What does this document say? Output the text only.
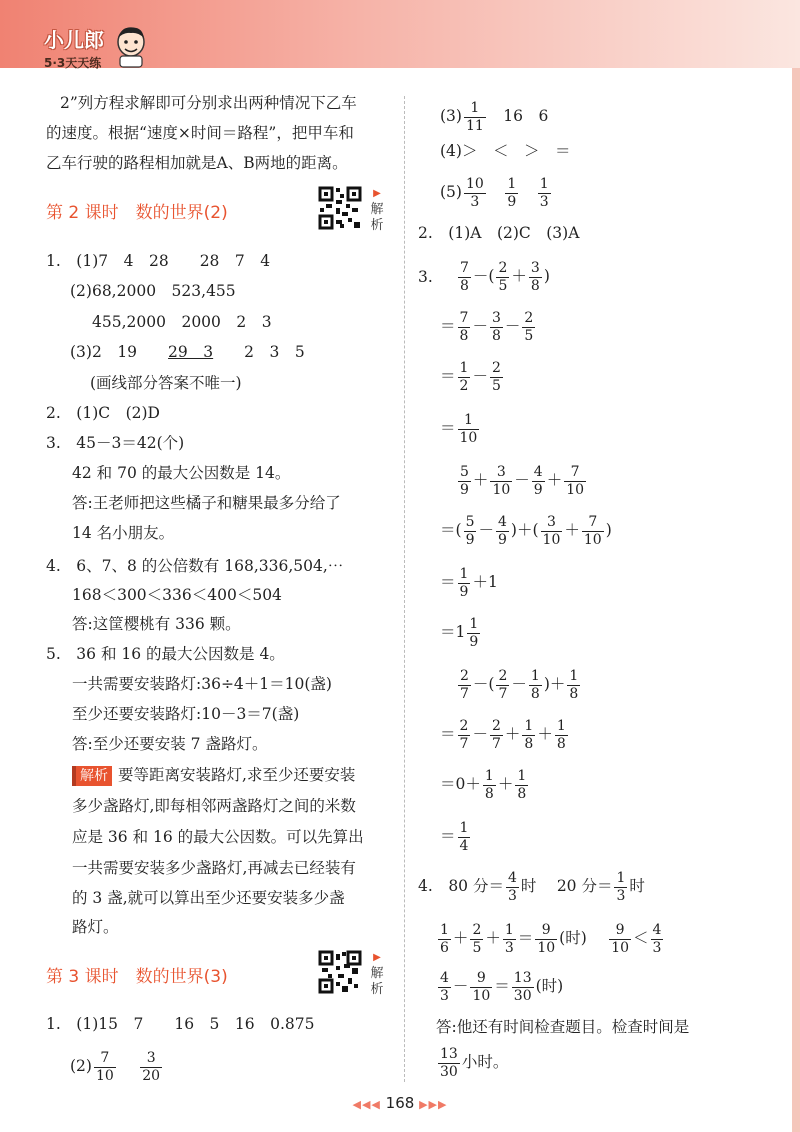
小儿郎
5·3天天练
2”列方程求解即可分别求出两种情况下乙车
的速度。根据“速度×时间＝路程”，把甲车和
乙车行驶的路程相加就是A、B两地的距离。
第 2 课时　数的世界(2)
▶
解析
1.　(1)7　4　28　　28　7　4
(2)68,2000　523,455
455,2000　2000　2　3
(3)2　19　　29　3　　2　3　5
(画线部分答案不唯一)
2.　(1)C　(2)D
3.　45－3＝42(个)
42 和 70 的最大公因数是 14。
答:王老师把这些橘子和糖果最多分给了
14 名小朋友。
4.　6、7、8 的公倍数有 168,336,504,⋯
168＜300＜336＜400＜504
答:这筐樱桃有 336 颗。
5.　36 和 16 的最大公因数是 4。
一共需要安装路灯:36÷4＋1＝10(盏)
至少还要安装路灯:10－3＝7(盏)
答:至少还要安装 7 盏路灯。
解析 要等距离安装路灯,求至少还要安装
多少盏路灯,即每相邻两盏路灯之间的米数
应是 36 和 16 的最大公因数。可以先算出
一共需要安装多少盏路灯,再减去已经装有
的 3 盏,就可以算出至少还要安装多少盏
路灯。
第 3 课时　数的世界(3)
▶
解析
1.　(1)15　7　　16　5　16　0.875
$(2) \frac{7}{10}$
　 $\frac{3}{20}$
$(3) \frac{1}{11}$ 　16　6
(4)＞　＜　＞　＝
$(5) \frac{10}{3}$
　 $\frac{1}{9}$
　 $\frac{1}{3}$
2.　(1)A　(2)C　(3)A
3. $\frac{7}{8}$ －( $\frac{2}{5} + \frac{3}{8}$ )
＝ $\frac{7}{8} - \frac{3}{8} - \frac{2}{5}$
＝ $\frac{1}{2} - \frac{2}{5}$
＝ $\frac{1}{10}$
$\frac{5}{9} + \frac{3}{10} - \frac{4}{9} + \frac{7}{10}$
＝( $\frac{5}{9} - \frac{4}{9}$ )＋( $\frac{3}{10} + \frac{7}{10}$ )
＝ $\frac{1}{9} +1$
$=1 \frac{1}{9}$
$\frac{2}{7}$ －( $\frac{2}{7} - \frac{1}{8}$ )＋ $\frac{1}{8}$
＝ $\frac{2}{7} - \frac{2}{7} + \frac{1}{8} + \frac{1}{8}$
$=0+ \frac{1}{8} + \frac{1}{8}$
＝ $\frac{1}{4}$
4.　 80 分＝ $\frac{4}{3}$ 时　 20 分＝ $\frac{1}{3}$ 时
$\frac{1}{6} + \frac{2}{5} + \frac{1}{3} = \frac{9}{10}$ (时)　 $\frac{9}{10} < \frac{4}{3}$
$\frac{4}{3} - \frac{9}{10} = \frac{13}{30}$ (时)
答:他还有时间检查题目。检查时间是
$\frac{13}{30}$ 小时。
◀◀◀ 168 ▶▶▶
